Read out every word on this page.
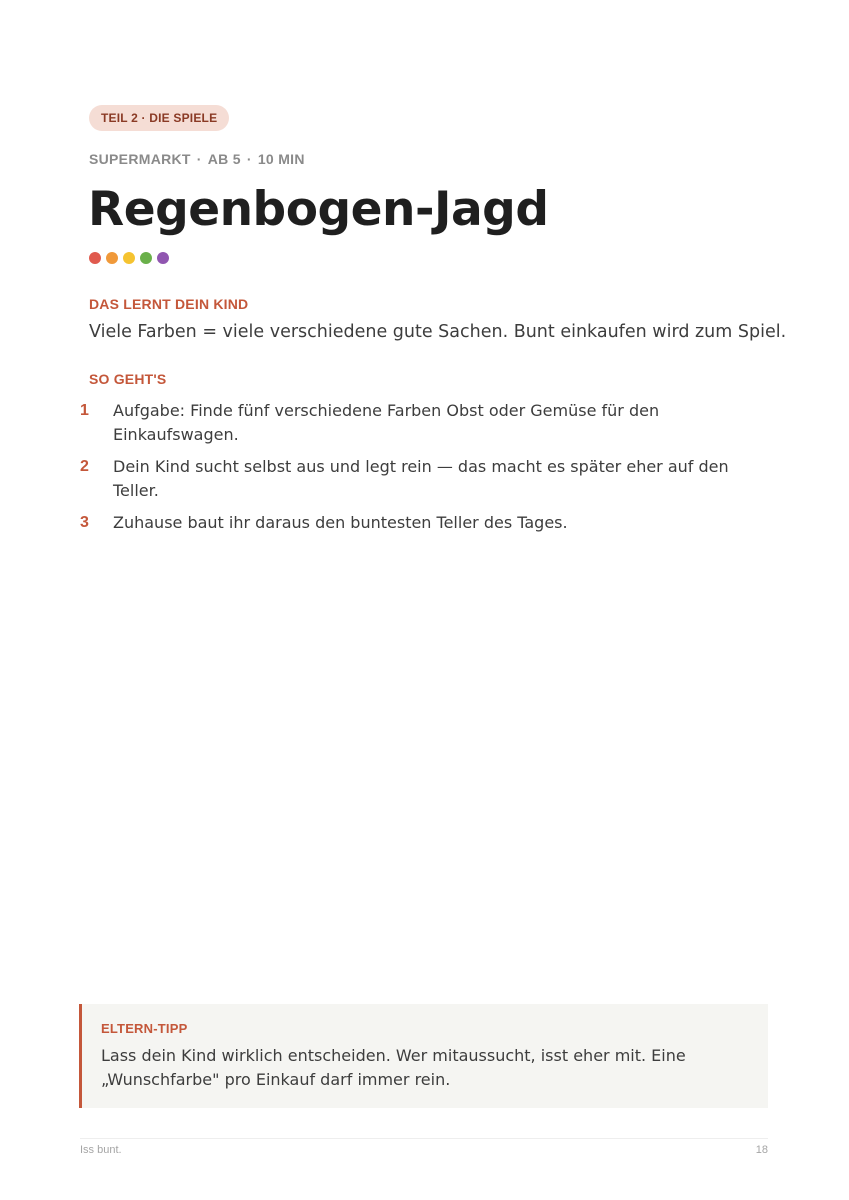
TEIL 2 · DIE SPIELE
SUPERMARKT · AB 5 · 10 MIN
Regenbogen-Jagd
DAS LERNT DEIN KIND
Viele Farben = viele verschiedene gute Sachen. Bunt einkaufen wird zum Spiel.
SO GEHT'S
1	Aufgabe: Finde fünf verschiedene Farben Obst oder Gemüse für den Einkaufswagen.
2	Dein Kind sucht selbst aus und legt rein — das macht es später eher auf den Teller.
3	Zuhause baut ihr daraus den buntesten Teller des Tages.
ELTERN-TIPP
Lass dein Kind wirklich entscheiden. Wer mitaussucht, isst eher mit. Eine „Wunschfarbe" pro Einkauf darf immer rein.
Iss bunt.	18
